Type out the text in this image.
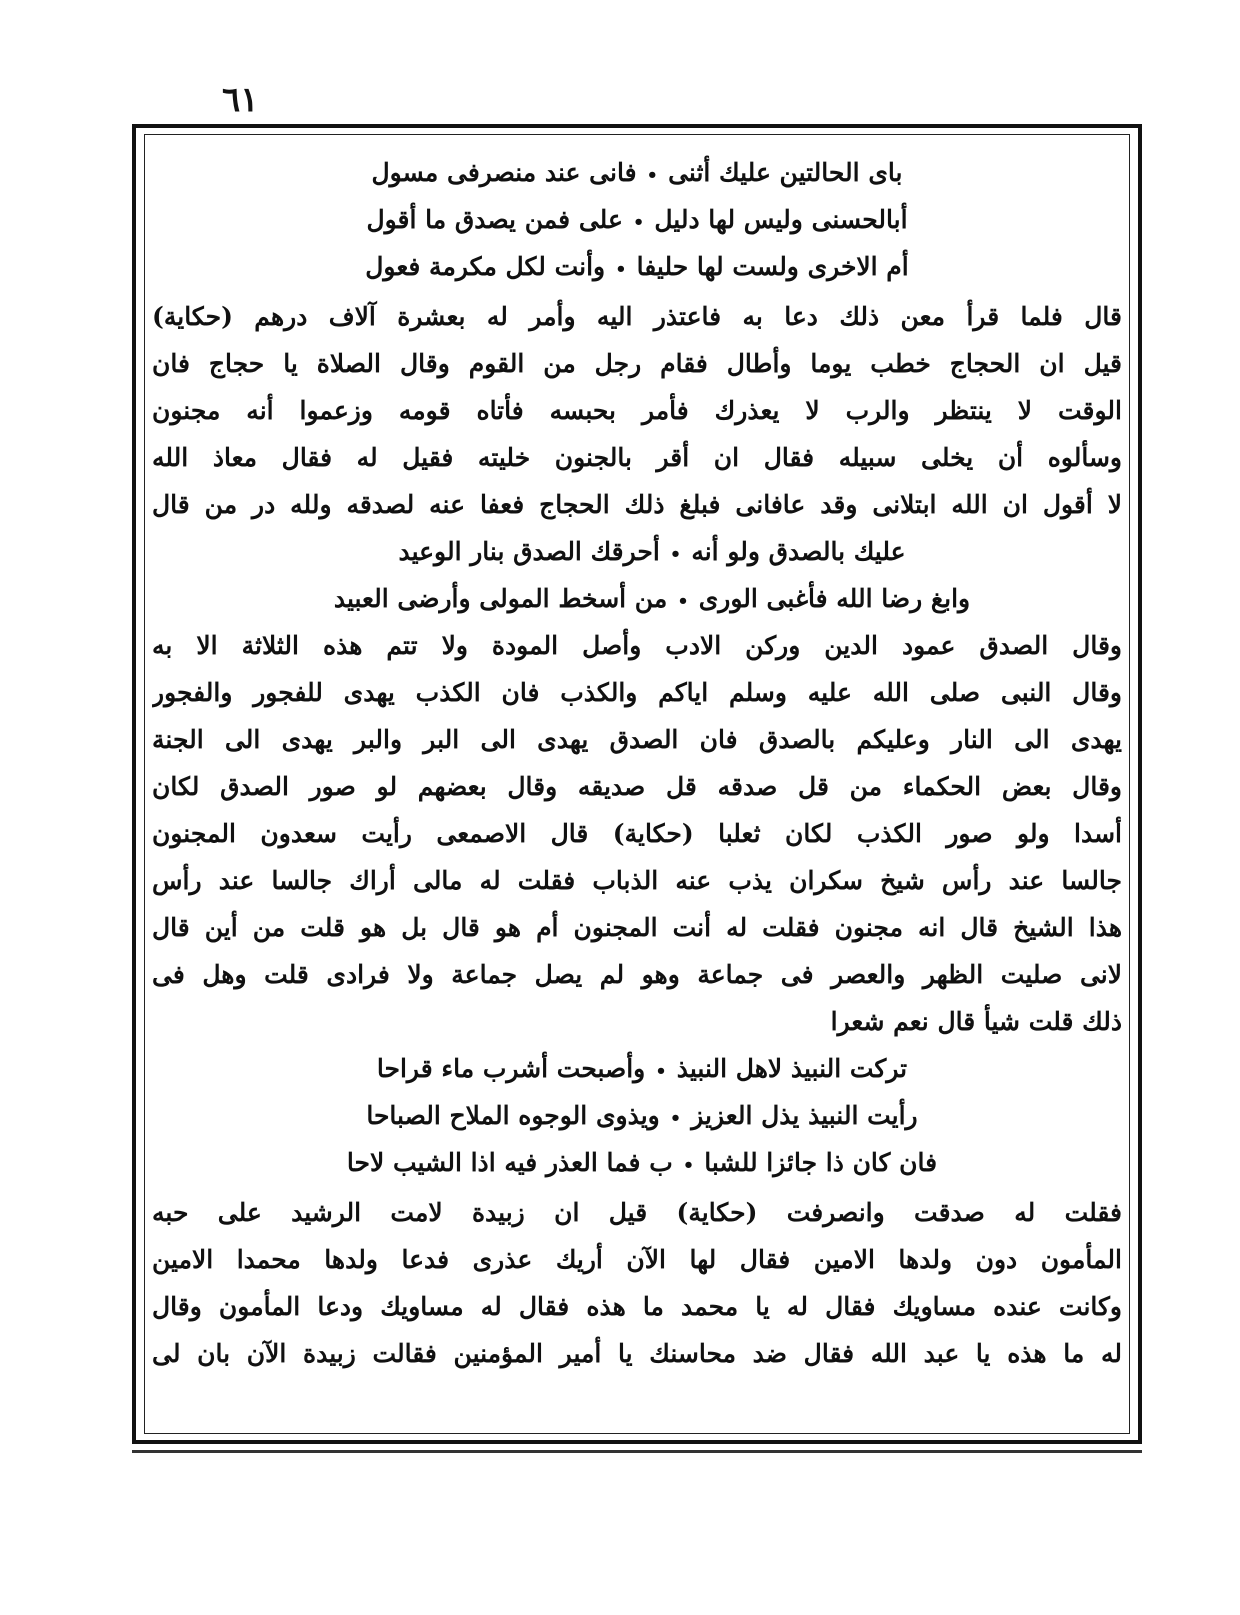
٦١
باى الحالتين عليك أثنى•فانى عند منصرفى مسول
أبالحسنى وليس لها دليل•على فمن يصدق ما أقول
أم الاخرى ولست لها حليفا•وأنت لكل مكرمة فعول
قال فلما قرأ معن ذلك دعا به فاعتذر اليه وأمر له بعشرة آلاف درهم (حكاية)
قيل ان الحجاج خطب يوما وأطال فقام رجل من القوم وقال الصلاة يا حجاج فان
الوقت لا ينتظر والرب لا يعذرك فأمر بحبسه فأتاه قومه وزعموا أنه مجنون
وسألوه أن يخلى سبيله فقال ان أقر بالجنون خليته فقيل له فقال معاذ الله
لا أقول ان الله ابتلانى وقد عافانى فبلغ ذلك الحجاج فعفا عنه لصدقه ولله در من قال
عليك بالصدق ولو أنه•أحرقك الصدق بنار الوعيد
وابغ رضا الله فأغبى الورى•من أسخط المولى وأرضى العبيد
وقال الصدق عمود الدين وركن الادب وأصل المودة ولا تتم هذه الثلاثة الا به
وقال النبى صلى الله عليه وسلم اياكم والكذب فان الكذب يهدى للفجور والفجور
يهدى الى النار وعليكم بالصدق فان الصدق يهدى الى البر والبر يهدى الى الجنة
وقال بعض الحكماء من قل صدقه قل صديقه وقال بعضهم لو صور الصدق لكان
أسدا ولو صور الكذب لكان ثعلبا (حكاية) قال الاصمعى رأيت سعدون المجنون
جالسا عند رأس شيخ سكران يذب عنه الذباب فقلت له مالى أراك جالسا عند رأس
هذا الشيخ قال انه مجنون فقلت له أنت المجنون أم هو قال بل هو قلت من أين قال
لانى صليت الظهر والعصر فى جماعة وهو لم يصل جماعة ولا فرادى قلت وهل فى
ذلك قلت شيأ قال نعم شعرا
تركت النبيذ لاهل النبيذ•وأصبحت أشرب ماء قراحا
رأيت النبيذ يذل العزيز•ويذوى الوجوه الملاح الصباحا
فان كان ذا جائزا للشبا•ب فما العذر فيه اذا الشيب لاحا
فقلت له صدقت وانصرفت (حكاية) قيل ان زبيدة لامت الرشيد على حبه
المأمون دون ولدها الامين فقال لها الآن أريك عذرى فدعا ولدها محمدا الامين
وكانت عنده مساويك فقال له يا محمد ما هذه فقال له مساويك ودعا المأمون وقال
له ما هذه يا عبد الله فقال ضد محاسنك يا أمير المؤمنين فقالت زبيدة الآن بان لى
